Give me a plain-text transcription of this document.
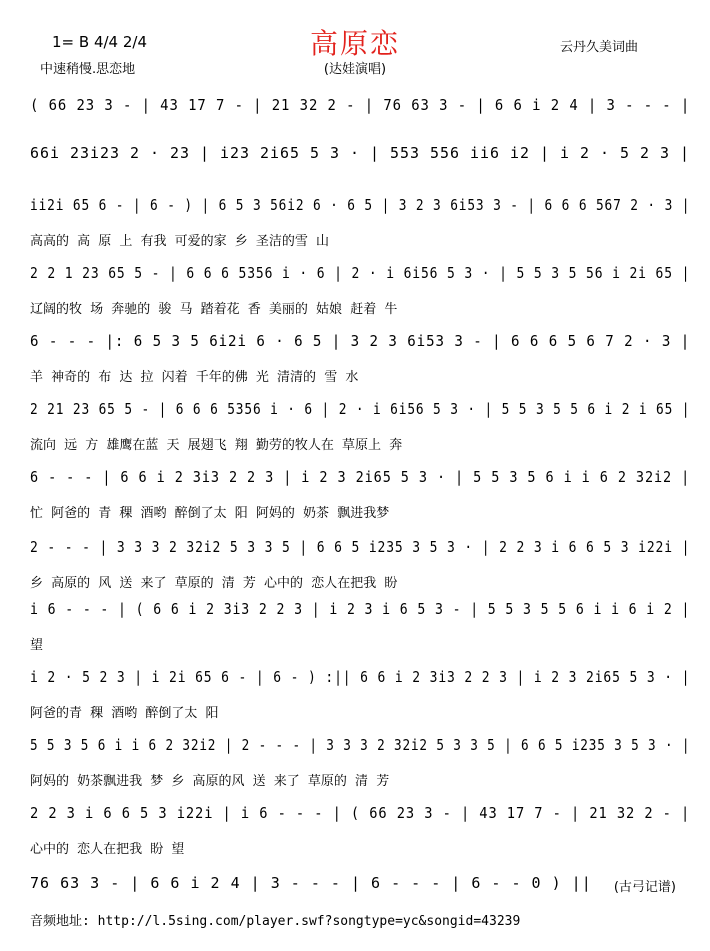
高原恋
1= B 4/4 2/4
中速稍慢.思恋地	(达娃演唱)
云丹久美词曲
( 66 23 3 - | 43 17 7 - | 21 32 2 - | 76 63 3 - | 6 6 i 2 4 | 3 - - - |
66i 23i23 2 · 23 | i23 2i65 5 3 · | 553 556 ii6 i2 | i 2 · 5 2 3 |
ii2i 65 6 - | 6 - ) | 6 5 3 56i2 6 · 6 5 | 3 2 3 6i53 3 - | 6 6 6 567 2 · 3 |
高高的 高 原 上 有我 可爱的家 乡 圣洁的雪 山
2 2 1 23 65 5 - | 6 6 6 5356 i · 6 | 2 · i 6i56 5 3 · | 5 5 3 5 56 i 2i 65 |
辽阔的牧 场 奔驰的 骏 马 踏着花 香 美丽的 姑娘 赶着 牛
6 - - - |: 6 5 3 5 6i2i 6 · 6 5 | 3 2 3 6i53 3 - | 6 6 6 5 6 7 2 · 3 |
羊 神奇的 布 达 拉 闪着 千年的佛 光 清清的 雪 水
2 21 23 65 5 - | 6 6 6 5356 i · 6 | 2 · i 6i56 5 3 · | 5 5 3 5 5 6 i 2 i 65 |
流向 远 方 雄鹰在蓝 天 展翅飞 翔 勤劳的牧人在 草原上 奔
6 - - - | 6 6 i 2 3i3 2 2 3 | i 2 3 2i65 5 3 · | 5 5 3 5 6 i i 6 2 32i2 |
忙 阿爸的 青 稞 酒哟 醉倒了太 阳 阿妈的 奶茶 飘进我梦
2 - - - | 3 3 3 2 32i2 5 3 3 5 | 6 6 5 i235 3 5 3 · | 2 2 3 i 6 6 5 3 i22i |
乡 高原的 风 送 来了 草原的 清 芳 心中的 恋人在把我 盼
i 6 - - - | ( 6 6 i 2 3i3 2 2 3 | i 2 3 i 6 5 3 - | 5 5 3 5 5 6 i i 6 i 2 |
望
i 2 · 5 2 3 | i 2i 65 6 - | 6 - ) :|| 6 6 i 2 3i3 2 2 3 | i 2 3 2i65 5 3 · |
阿爸的青 稞 酒哟 醉倒了太 阳
5 5 3 5 6 i i 6 2 32i2 | 2 - - - | 3 3 3 2 32i2 5 3 3 5 | 6 6 5 i235 3 5 3 · |
阿妈的 奶茶飘进我 梦 乡 高原的风 送 来了 草原的 清 芳
2 2 3 i 6 6 5 3 i22i | i 6 - - - | ( 66 23 3 - | 43 17 7 - | 21 32 2 - |
心中的 恋人在把我 盼 望
76 63 3 - | 6 6 i 2 4 | 3 - - - | 6 - - - | 6 - - 0 ) || (古弓记谱)
音频地址: http://l.5sing.com/player.swf?songtype=yc&songid=43239
